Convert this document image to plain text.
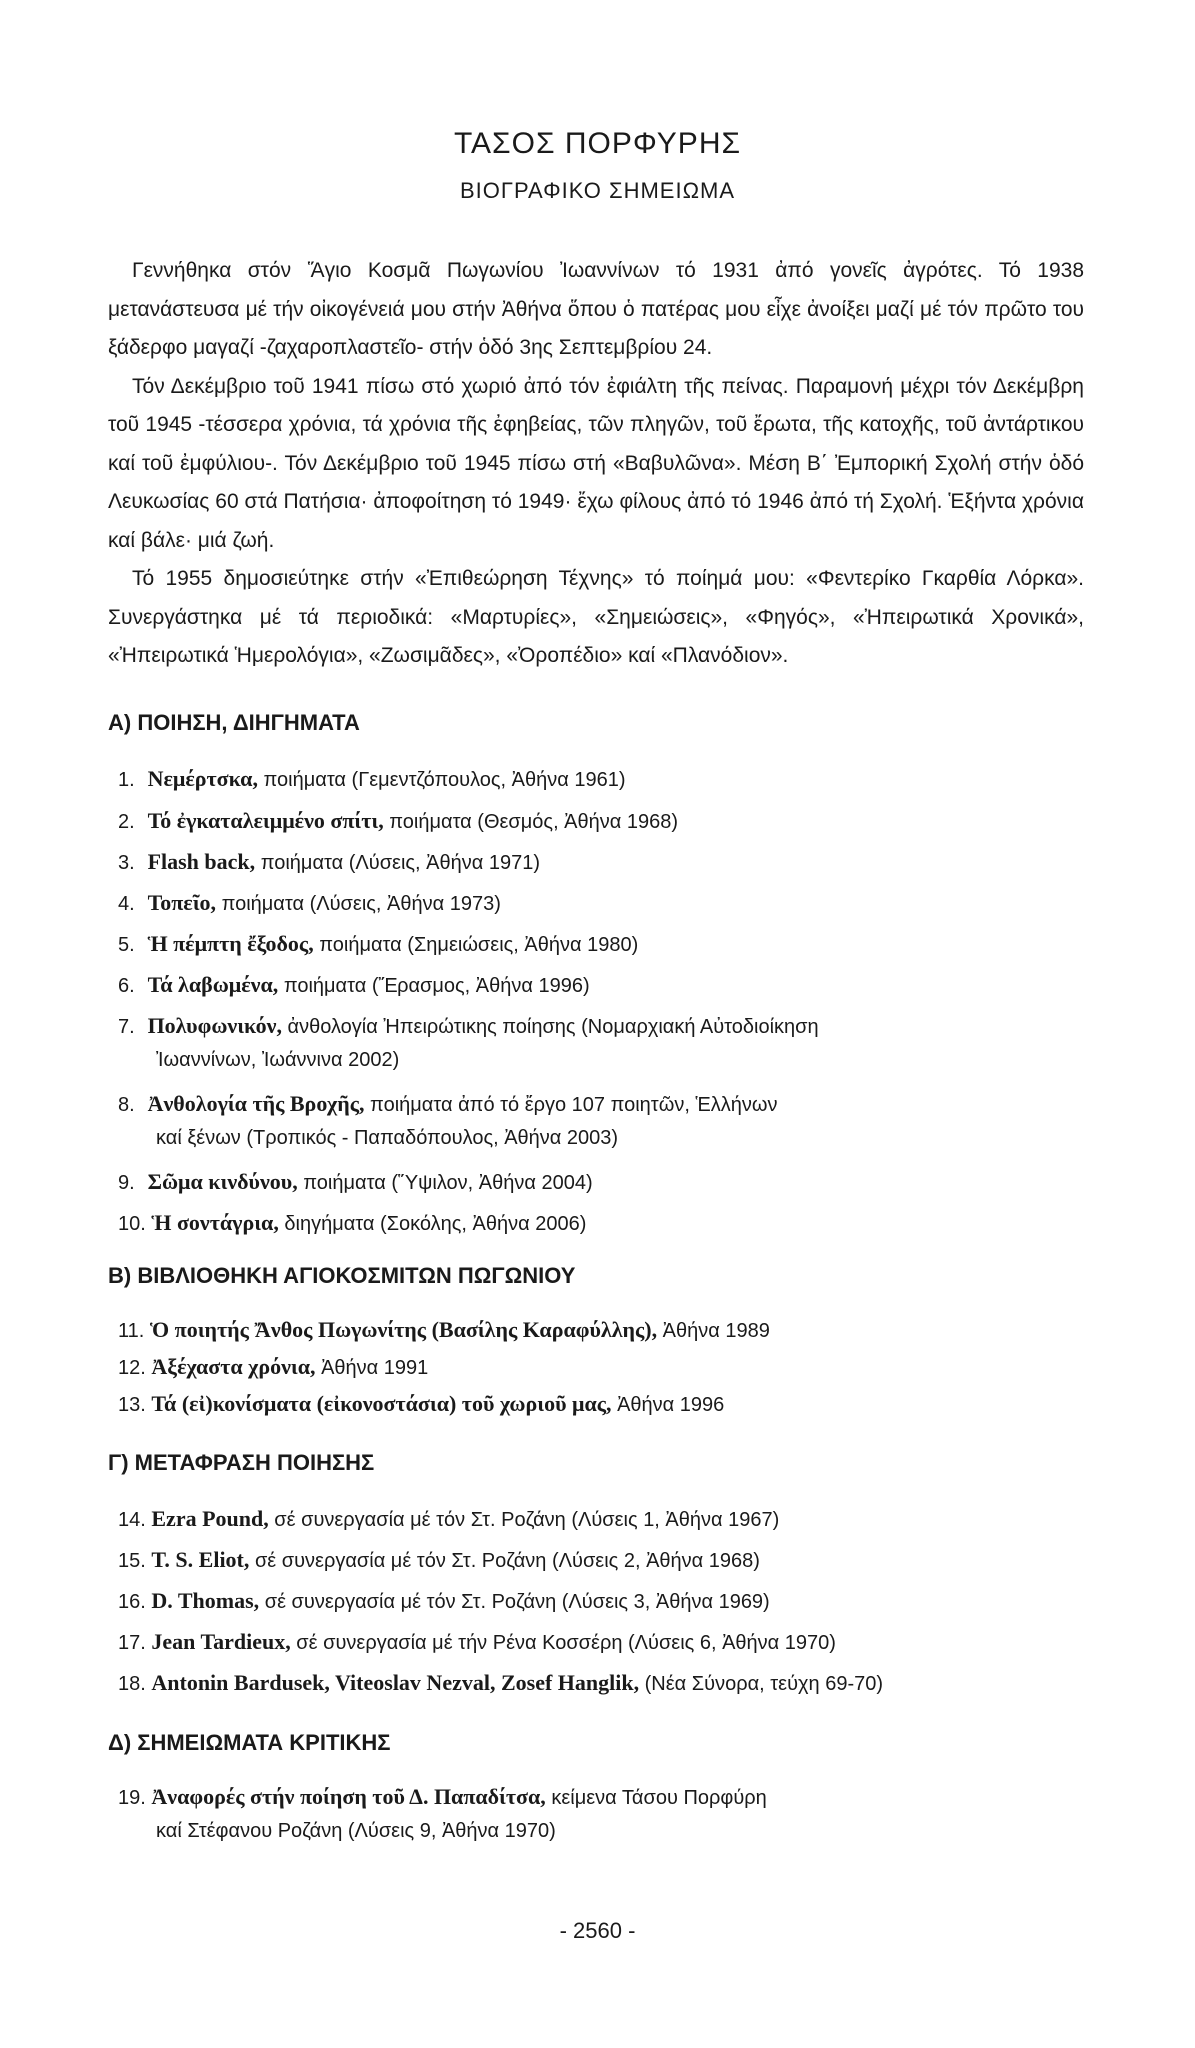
ΤΑΣΟΣ ΠΟΡΦΥΡΗΣ
ΒΙΟΓΡΑΦΙΚΟ ΣΗΜΕΙΩΜΑ

Γεννήθηκα στόν Ἅγιο Κοσμᾶ Πωγωνίου Ἰωαννίνων τό 1931 ἀπό γονεῖς ἀγρότες. Τό 1938 μετανάστευσα μέ τήν οἰκογένειά μου στήν Ἀθήνα ὅπου ὁ πατέρας μου εἶχε ἀνοίξει μαζί μέ τόν πρῶτο του ξάδερφο μαγαζί -ζαχαροπλαστεῖο- στήν ὁδό 3ης Σεπτεμβρίου 24.

Τόν Δεκέμβριο τοῦ 1941 πίσω στό χωριό ἀπό τόν ἐφιάλτη τῆς πείνας. Παραμονή μέχρι τόν Δεκέμβρη τοῦ 1945 -τέσσερα χρόνια, τά χρόνια τῆς ἐφηβείας, τῶν πληγῶν, τοῦ ἔρωτα, τῆς κατοχῆς, τοῦ ἀντάρτικου καί τοῦ ἐμφύλιου-. Τόν Δεκέμβριο τοῦ 1945 πίσω στή «Βαβυλῶνα». Μέση Β΄ Ἐμπορική Σχολή στήν ὁδό Λευκωσίας 60 στά Πατήσια· ἀποφοίτηση τό 1949· ἔχω φίλους ἀπό τό 1946 ἀπό τή Σχολή. Ἑξήντα χρόνια καί βάλε· μιά ζωή.

Τό 1955 δημοσιεύτηκε στήν «Ἐπιθεώρηση Τέχνης» τό ποίημά μου: «Φεντερίκο Γκαρθία Λόρκα». Συνεργάστηκα μέ τά περιοδικά: «Μαρτυρίες», «Σημειώσεις», «Φηγός», «Ἠπειρωτικά Χρονικά», «Ἠπειρωτικά Ἡμερολόγια», «Ζωσιμᾶδες», «Ὀροπέδιο» καί «Πλανόδιον».

Α) ΠΟΙΗΣΗ, ΔΙΗΓΗΜΑΤΑ
1. Νεμέρτσκα, ποιήματα (Γεμεντζόπουλος, Ἀθήνα 1961)
2. Τό ἐγκαταλειμμένο σπίτι, ποιήματα (Θεσμός, Ἀθήνα 1968)
3. Flash back, ποιήματα (Λύσεις, Ἀθήνα 1971)
4. Τοπεῖο, ποιήματα (Λύσεις, Ἀθήνα 1973)
5. Ἡ πέμπτη ἔξοδος, ποιήματα (Σημειώσεις, Ἀθήνα 1980)
6. Τά λαβωμένα, ποιήματα (Ἔρασμος, Ἀθήνα 1996)
7. Πολυφωνικόν, ἀνθολογία Ἠπειρώτικης ποίησης (Νομαρχιακή Αὐτοδιοίκηση
Ἰωαννίνων, Ἰωάννινα 2002)
8. Ἀνθολογία τῆς Βροχῆς, ποιήματα ἀπό τό ἔργο 107 ποιητῶν, Ἑλλήνων
καί ξένων (Τροπικός - Παπαδόπουλος, Ἀθήνα 2003)
9. Σῶμα κινδύνου, ποιήματα (Ὕψιλον, Ἀθήνα 2004)
10. Ἡ σοντάγρια, διηγήματα (Σοκόλης, Ἀθήνα 2006)
Β) ΒΙΒΛΙΟΘΗΚΗ ΑΓΙΟΚΟΣΜΙΤΩΝ ΠΩΓΩΝΙΟΥ
11. Ὁ ποιητής Ἄνθος Πωγωνίτης (Βασίλης Καραφύλλης), Ἀθήνα 1989
12. Ἀξέχαστα χρόνια, Ἀθήνα 1991
13. Τά (εἰ)κονίσματα (εἰκονοστάσια) τοῦ χωριοῦ μας, Ἀθήνα 1996
Γ) ΜΕΤΑΦΡΑΣΗ ΠΟΙΗΣΗΣ
14. Ezra Pound, σέ συνεργασία μέ τόν Στ. Ροζάνη (Λύσεις 1, Ἀθήνα 1967)
15. T. S. Eliot, σέ συνεργασία μέ τόν Στ. Ροζάνη (Λύσεις 2, Ἀθήνα 1968)
16. D. Thomas, σέ συνεργασία μέ τόν Στ. Ροζάνη (Λύσεις 3, Ἀθήνα 1969)
17. Jean Tardieux, σέ συνεργασία μέ τήν Ρένα Κοσσέρη (Λύσεις 6, Ἀθήνα 1970)
18. Antonin Bardusek, Viteoslav Nezval, Zosef Hanglik, (Νέα Σύνορα, τεύχη 69-70)
Δ) ΣΗΜΕΙΩΜΑΤΑ ΚΡΙΤΙΚΗΣ
19. Ἀναφορές στήν ποίηση τοῦ Δ. Παπαδίτσα, κείμενα Τάσου Πορφύρη
καί Στέφανου Ροζάνη (Λύσεις 9, Ἀθήνα 1970)
- 2560 -
